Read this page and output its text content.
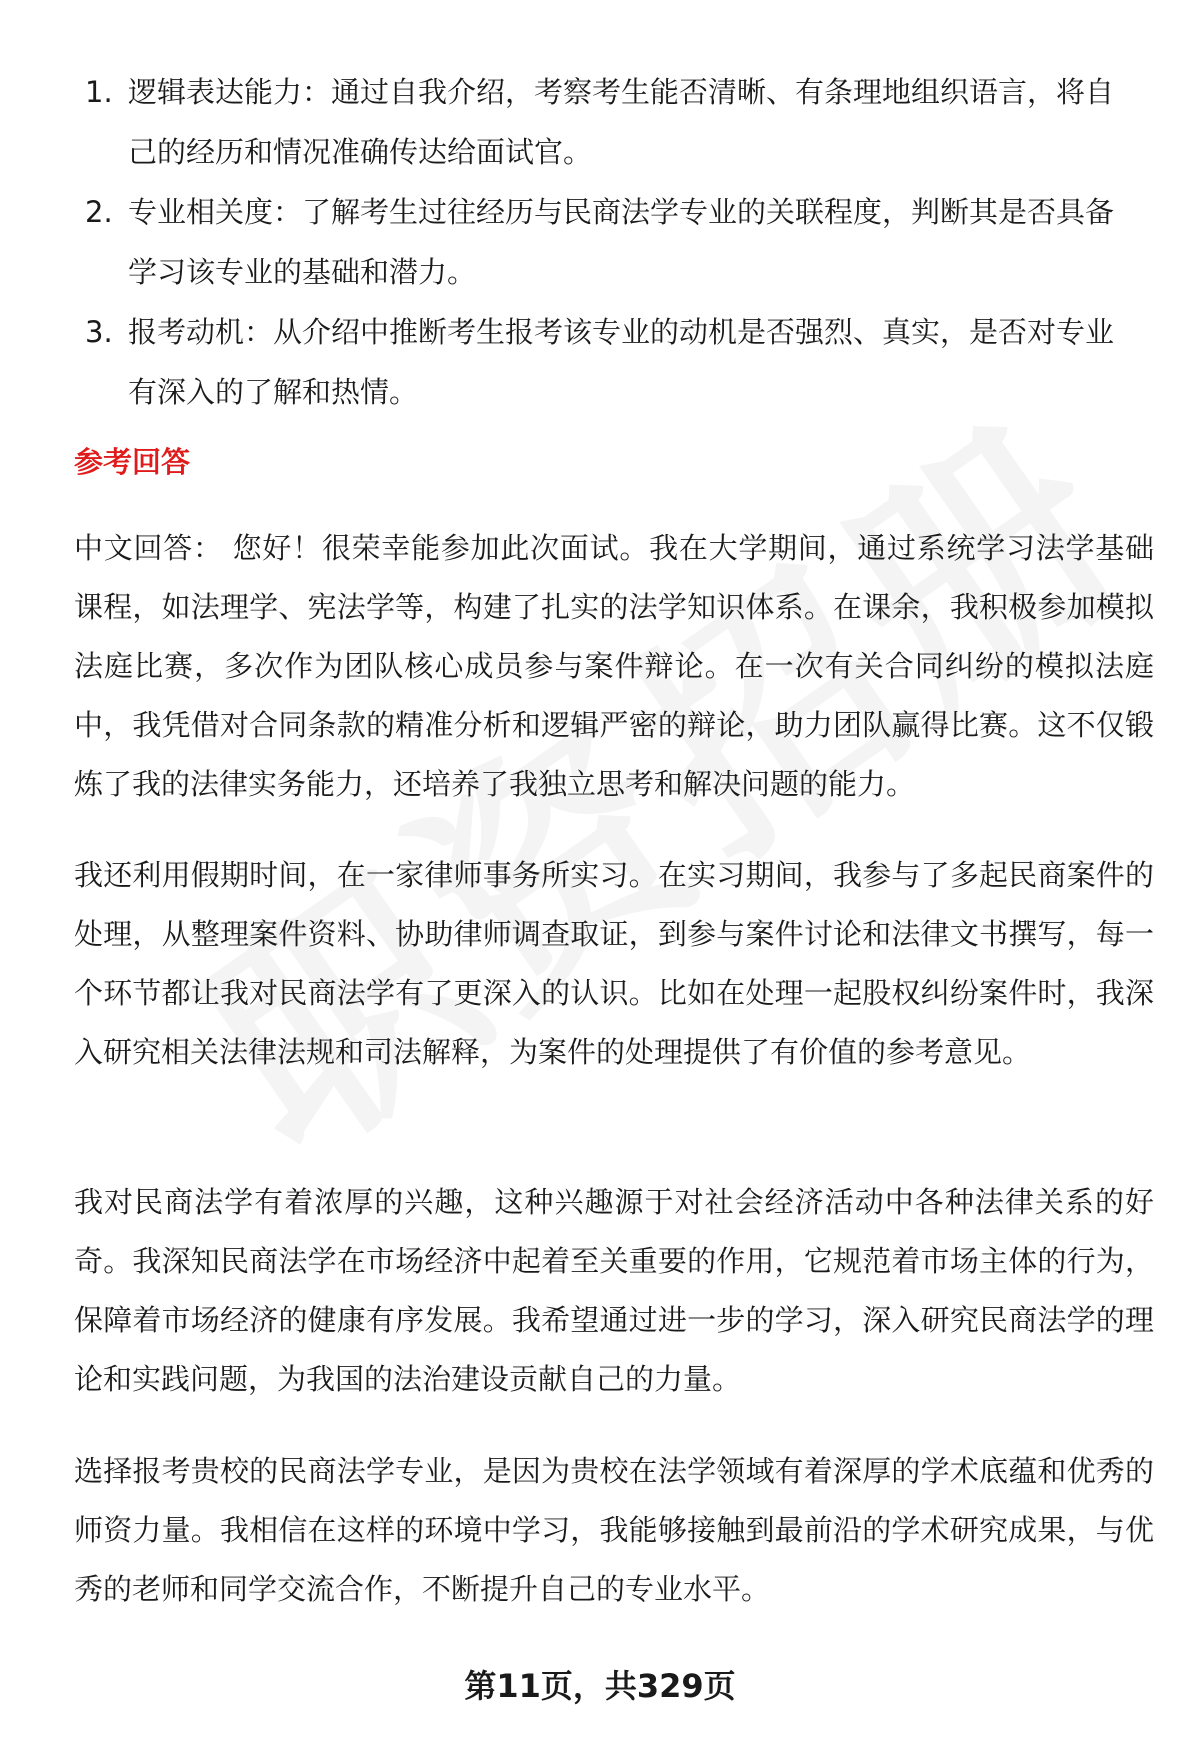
1. 逻辑表达能力：通过自我介绍，考察考生能否清晰、有条理地组织语言，将自己的经历和情况准确传达给面试官。
2. 专业相关度：了解考生过往经历与民商法学专业的关联程度，判断其是否具备学习该专业的基础和潜力。
3. 报考动机：从介绍中推断考生报考该专业的动机是否强烈、真实，是否对专业有深入的了解和热情。
参考回答

中文回答： 您好！很荣幸能参加此次面试。我在大学期间，通过系统学习法学基础课程，如法理学、宪法学等，构建了扎实的法学知识体系。在课余，我积极参加模拟法庭比赛，多次作为团队核心成员参与案件辩论。在一次有关合同纠纷的模拟法庭中，我凭借对合同条款的精准分析和逻辑严密的辩论，助力团队赢得比赛。这不仅锻炼了我的法律实务能力，还培养了我独立思考和解决问题的能力。

我还利用假期时间，在一家律师事务所实习。在实习期间，我参与了多起民商案件的处理，从整理案件资料、协助律师调查取证，到参与案件讨论和法律文书撰写，每一个环节都让我对民商法学有了更深入的认识。比如在处理一起股权纠纷案件时，我深入研究相关法律法规和司法解释，为案件的处理提供了有价值的参考意见。

我对民商法学有着浓厚的兴趣，这种兴趣源于对社会经济活动中各种法律关系的好奇。我深知民商法学在市场经济中起着至关重要的作用，它规范着市场主体的行为，保障着市场经济的健康有序发展。我希望通过进一步的学习，深入研究民商法学的理论和实践问题，为我国的法治建设贡献自己的力量。

选择报考贵校的民商法学专业，是因为贵校在法学领域有着深厚的学术底蕴和优秀的师资力量。我相信在这样的环境中学习，我能够接触到最前沿的学术研究成果，与优秀的老师和同学交流合作，不断提升自己的专业水平。

第11页，共329页
